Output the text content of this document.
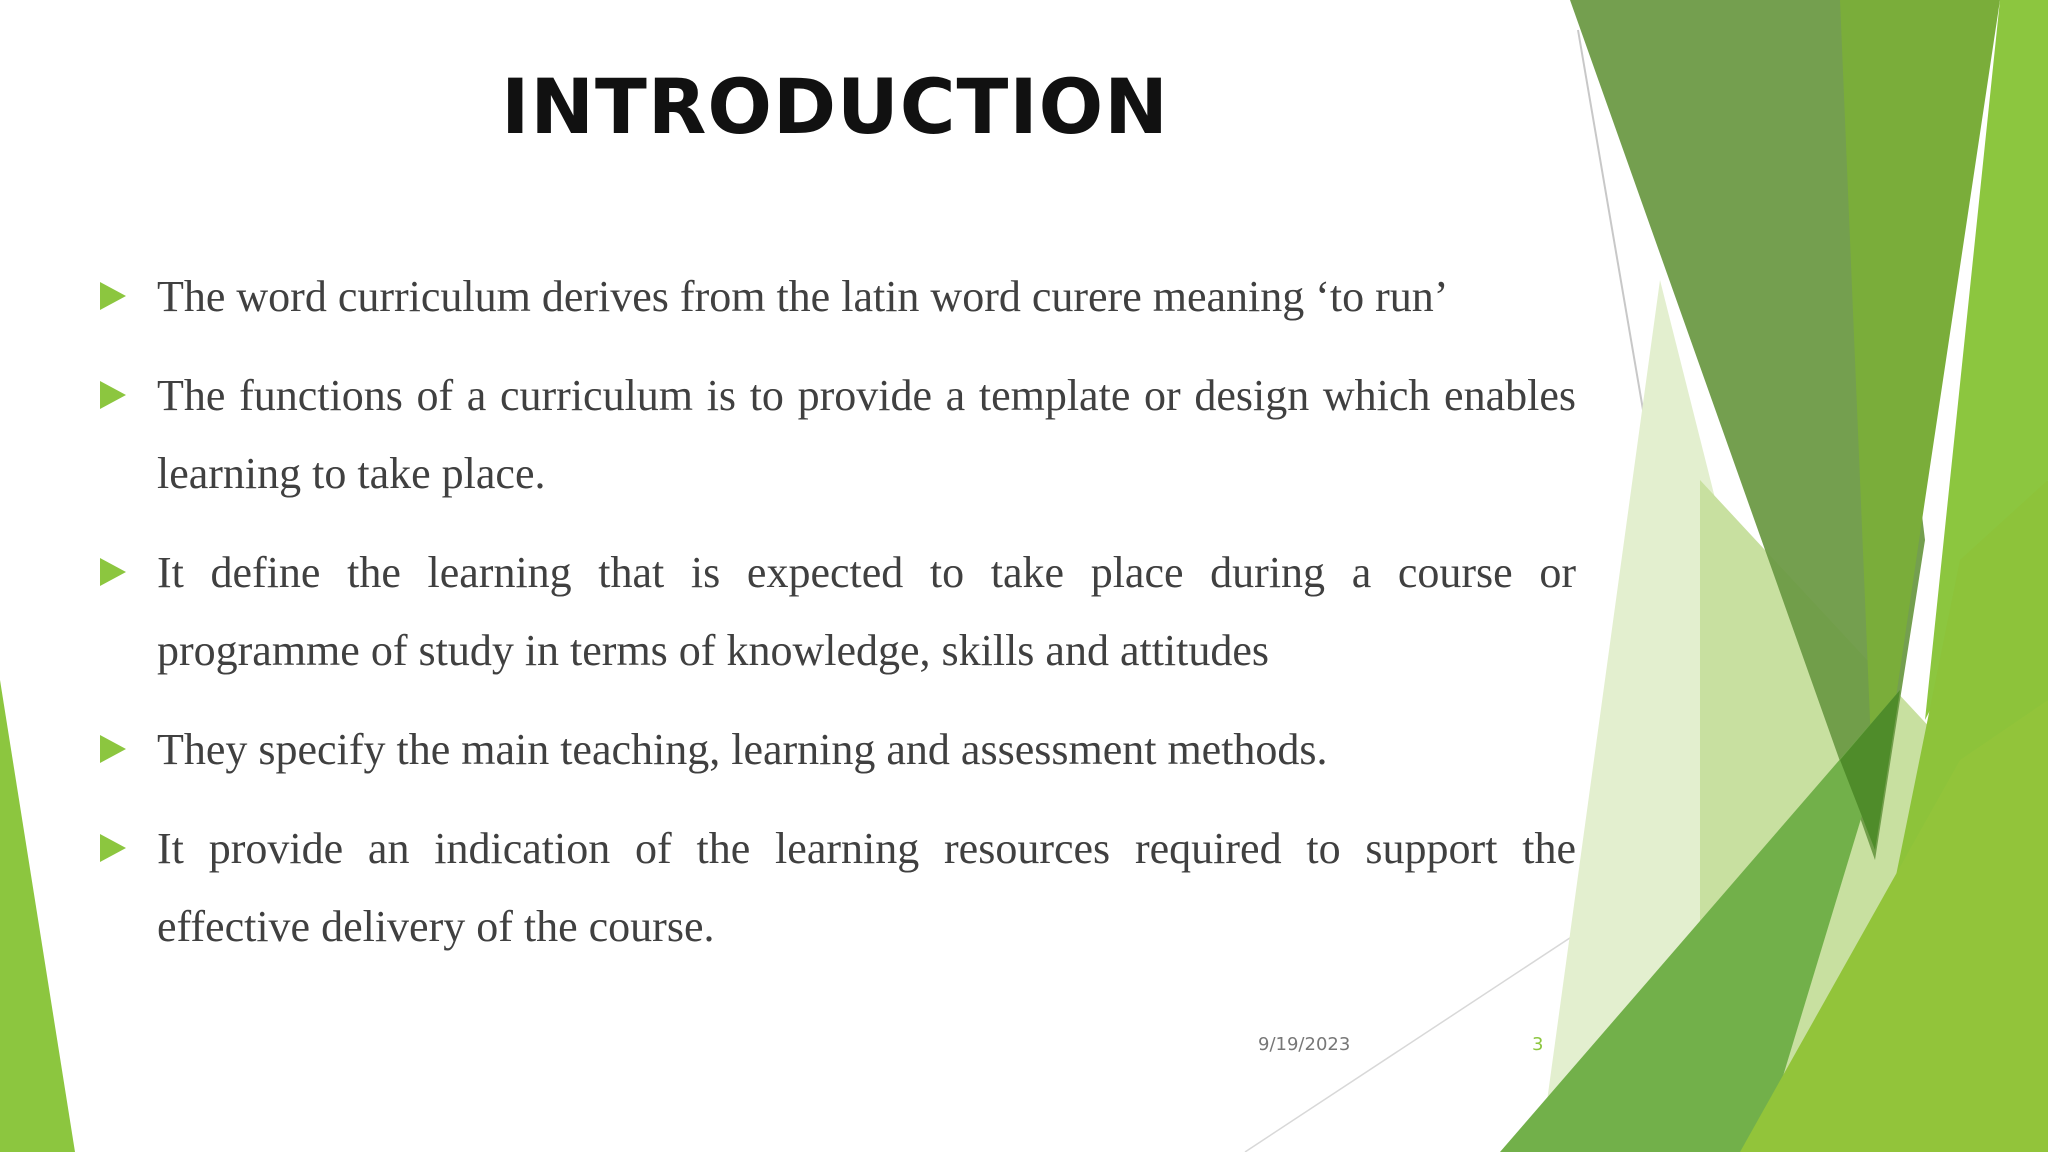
INTRODUCTION
The word curriculum derives from the latin word curere meaning ‘to run’
The functions of a curriculum is to provide a template or design which enables learning to take place.
It define the learning that is expected to take place during a course or programme of study in terms of knowledge, skills and attitudes
They specify the main teaching, learning and assessment methods.
It provide an indication of the learning resources required to support the effective delivery of the course.
9/19/2023	3
